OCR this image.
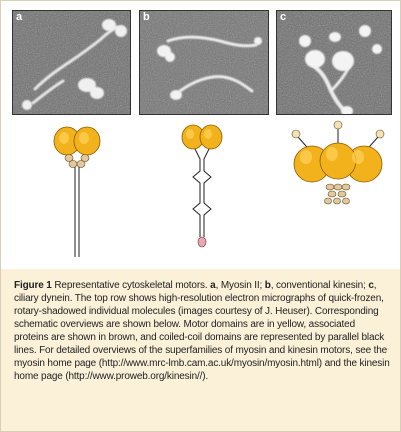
a	b	c
Figure 1 Representative cytoskeletal motors. a, Myosin II; b, conventional kinesin; c, ciliary dynein. The top row shows high-resolution electron micrographs of quick-frozen, rotary-shadowed individual molecules (images courtesy of J. Heuser). Corresponding schematic overviews are shown below. Motor domains are in yellow, associated proteins are shown in brown, and coiled-coil domains are represented by parallel black lines. For detailed overviews of the superfamilies of myosin and kinesin motors, see the myosin home page (http://www.mrc-lmb.cam.ac.uk/myosin/myosin.html) and the kinesin home page (http://www.proweb.org/kinesin//).
